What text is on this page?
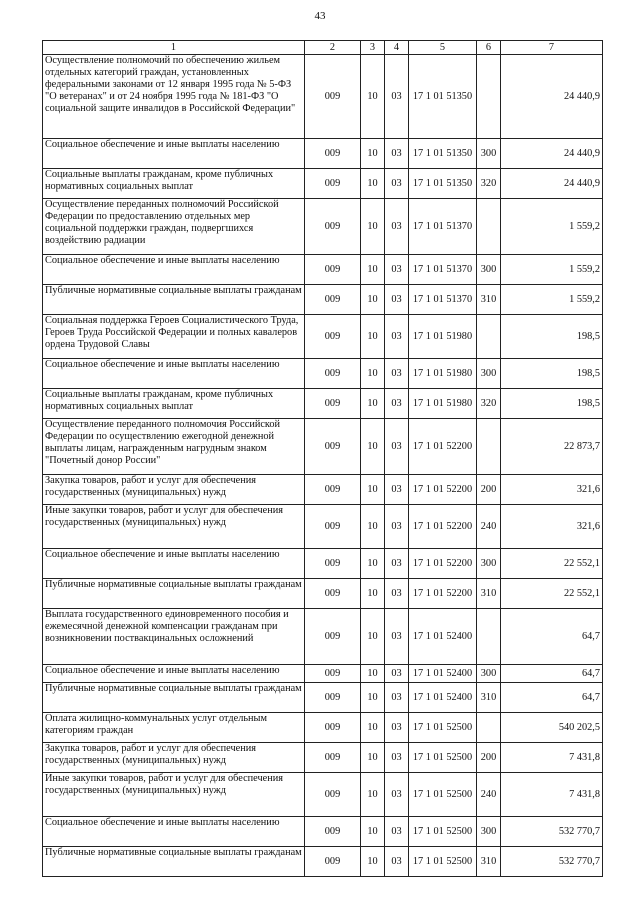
43
1	2	3	4	5	6	7
Осуществление полномочий по обеспечению жильем отдельных категорий граждан, установленных федеральными законами от 12 января 1995 года № 5-ФЗ "О ветеранах" и от 24 ноября 1995 года № 181-ФЗ "О социальной защите инвалидов в Российской Федерации"	009	10	03	17 1 01 51350		24 440,9
Социальное обеспечение и иные выплаты населению	009	10	03	17 1 01 51350	300	24 440,9
Социальные выплаты гражданам, кроме публичных нормативных социальных выплат	009	10	03	17 1 01 51350	320	24 440,9
Осуществление переданных полномочий Российской Федерации по предоставлению отдельных мер социальной поддержки граждан, подвергшихся воздействию радиации	009	10	03	17 1 01 51370		1 559,2
Социальное обеспечение и иные выплаты населению	009	10	03	17 1 01 51370	300	1 559,2
Публичные нормативные социальные выплаты гражданам	009	10	03	17 1 01 51370	310	1 559,2
Социальная поддержка Героев Социалистического Труда, Героев Труда Российской Федерации и полных кавалеров ордена Трудовой Славы	009	10	03	17 1 01 51980		198,5
Социальное обеспечение и иные выплаты населению	009	10	03	17 1 01 51980	300	198,5
Социальные выплаты гражданам, кроме публичных нормативных социальных выплат	009	10	03	17 1 01 51980	320	198,5
Осуществление переданного полномочия Российской Федерации по осуществлению ежегодной денежной выплаты лицам, награжденным нагрудным знаком "Почетный донор России"	009	10	03	17 1 01 52200		22 873,7
Закупка товаров, работ и услуг для обеспечения государственных (муниципальных) нужд	009	10	03	17 1 01 52200	200	321,6
Иные закупки товаров, работ и услуг для обеспечения государственных (муниципальных) нужд	009	10	03	17 1 01 52200	240	321,6
Социальное обеспечение и иные выплаты населению	009	10	03	17 1 01 52200	300	22 552,1
Публичные нормативные социальные выплаты гражданам	009	10	03	17 1 01 52200	310	22 552,1
Выплата государственного единовременного пособия и ежемесячной денежной компенсации гражданам при возникновении поствакцинальных осложнений	009	10	03	17 1 01 52400		64,7
Социальное обеспечение и иные выплаты населению	009	10	03	17 1 01 52400	300	64,7
Публичные нормативные социальные выплаты гражданам	009	10	03	17 1 01 52400	310	64,7
Оплата жилищно-коммунальных услуг отдельным категориям граждан	009	10	03	17 1 01 52500		540 202,5
Закупка товаров, работ и услуг для обеспечения государственных (муниципальных) нужд	009	10	03	17 1 01 52500	200	7 431,8
Иные закупки товаров, работ и услуг для обеспечения государственных (муниципальных) нужд	009	10	03	17 1 01 52500	240	7 431,8
Социальное обеспечение и иные выплаты населению	009	10	03	17 1 01 52500	300	532 770,7
Публичные нормативные социальные выплаты гражданам	009	10	03	17 1 01 52500	310	532 770,7
